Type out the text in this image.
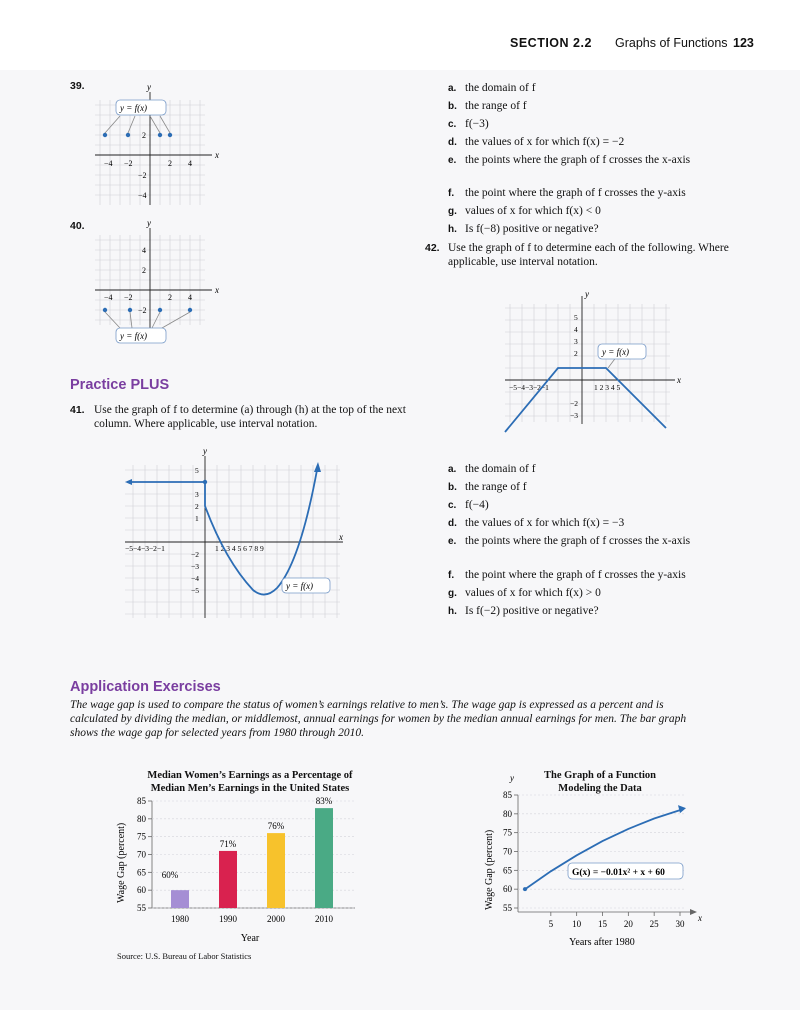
SECTION 2.2 Graphs of Functions 123
39.
x
y
−4 −2	2 4
−2
−4
2
y = f(x)
40.
x
y
−4 −2	2 4
−2
4
2
y = f(x)
a. the domain of f
b. the range of f
c. f(−3)
d. the values of x for which f(x) = −2
e. the points where the graph of f crosses the x-axis
f. the point where the graph of f crosses the y-axis
g. values of x for which f(x) < 0
h. Is f(−8) positive or negative?
42. Use the graph of f to determine each of the following. Where applicable, use interval notation.
y
x
−5−4−3−2−1	1 2 3 4 5
5
4
3
2
−2
−3
y = f(x)
Practice PLUS
41. Use the graph of f to determine (a) through (h) at the top of the next column. Where applicable, use interval notation.
y
x
−5−4−3−2−1	1 2 3 4 5 6 7 8 9
5
3
2
1
−2
−3
−4
−5	y = f(x)
a. the domain of f
b. the range of f
c. f(−4)
d. the values of x for which f(x) = −3
e. the points where the graph of f crosses the x-axis
f. the point where the graph of f crosses the y-axis
g. values of x for which f(x) > 0
h. Is f(−2) positive or negative?
Application Exercises
The wage gap is used to compare the status of women’s earnings relative to men’s. The wage gap is expressed as a percent and is calculated by dividing the median, or middlemost, annual earnings for women by the median annual earnings for men. The bar graph shows the wage gap for selected years from 1980 through 2010.
Median Women’s Earnings as a Percentage of
Median Men’s Earnings in the United States
55
60
65
70
75
80
85
60%
71%
76%
83%
1980	1990	2000	2010
Wage Gap (percent)
Year
Source: U.S. Bureau of Labor Statistics
The Graph of a Function
Modeling the Data
y
x
55
60
65
70
75
80
85
5 10 15 20 25 30
G(x) = −0.01x² + x + 60
Wage Gap (percent)
Years after 1980
